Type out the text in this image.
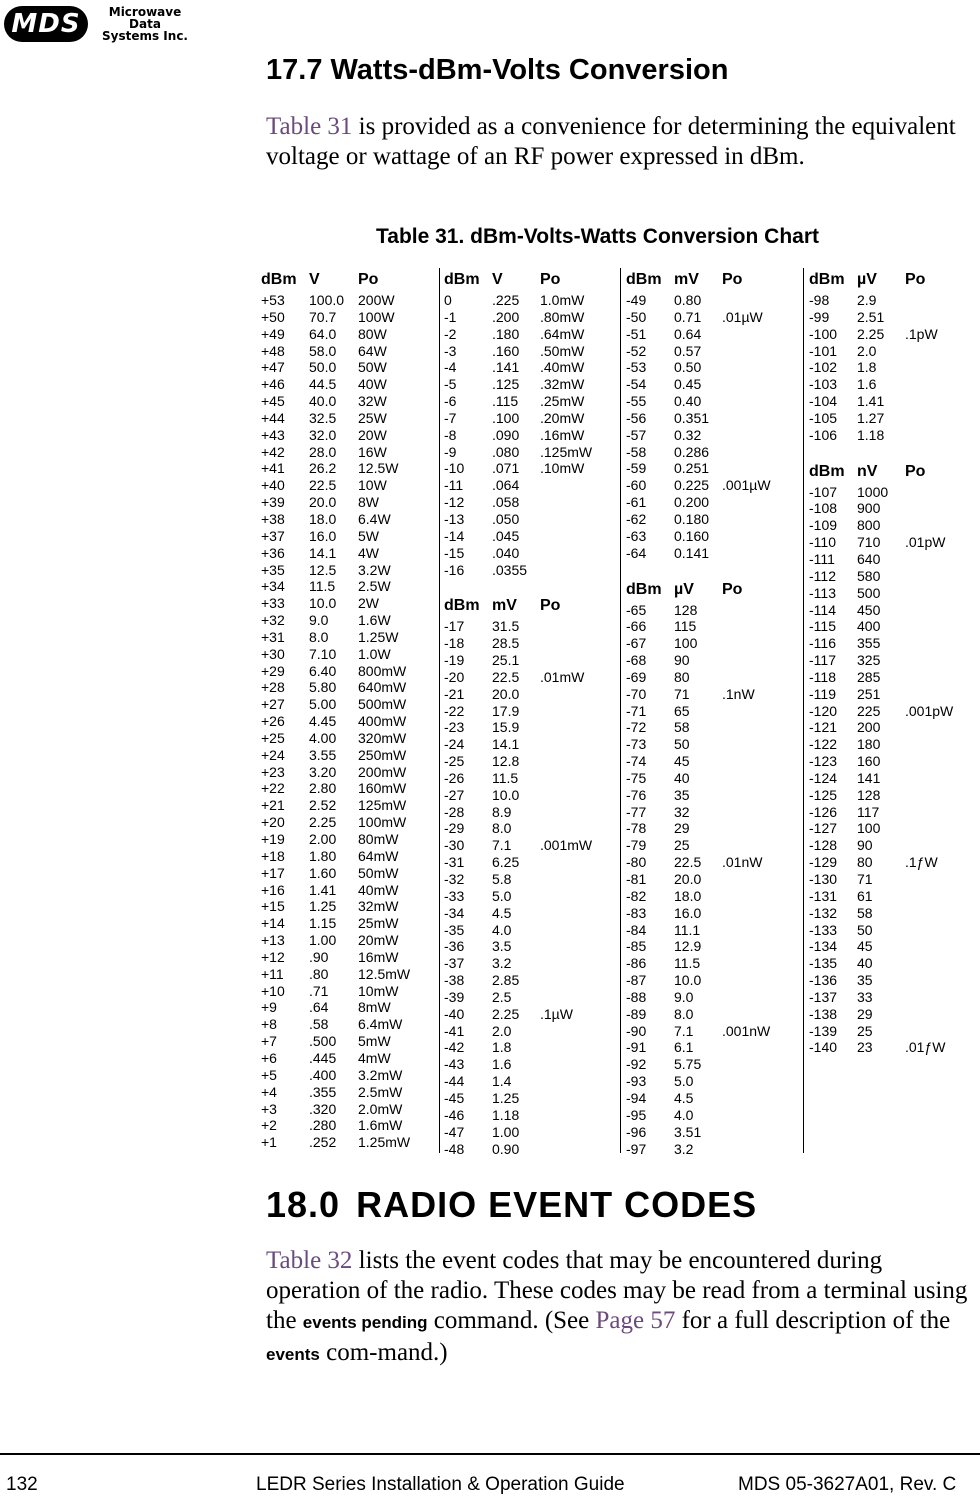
MDS	Microwave
Data
Systems Inc.
17.7 Watts-dBm-Volts Conversion

Table 31 is provided as a convenience for determining the equivalent voltage or wattage of an RF power expressed in dBm.

Table 31. dBm-Volts-Watts Conversion Chart
dBm V Po
+53 100.0 200W
+50 70.7 100W
+49 64.0 80W
+48 58.0 64W
+47 50.0 50W
+46 44.5 40W
+45 40.0 32W
+44 32.5 25W
+43 32.0 20W
+42 28.0 16W
+41 26.2 12.5W
+40 22.5 10W
+39 20.0 8W
+38 18.0 6.4W
+37 16.0 5W
+36 14.1 4W
+35 12.5 3.2W
+34 11.5 2.5W
+33 10.0 2W
+32 9.0 1.6W
+31 8.0 1.25W
+30 7.10 1.0W
+29 6.40 800mW
+28 5.80 640mW
+27 5.00 500mW
+26 4.45 400mW
+25 4.00 320mW
+24 3.55 250mW
+23 3.20 200mW
+22 2.80 160mW
+21 2.52 125mW
+20 2.25 100mW
+19 2.00 80mW
+18 1.80 64mW
+17 1.60 50mW
+16 1.41 40mW
+15 1.25 32mW
+14 1.15 25mW
+13 1.00 20mW
+12 .90 16mW
+11 .80 12.5mW
+10 .71 10mW
+9 .64 8mW
+8 .58 6.4mW
+7 .500 5mW
+6 .445 4mW
+5 .400 3.2mW
+4 .355 2.5mW
+3 .320 2.0mW
+2 .280 1.6mW
+1 .252 1.25mW
dBm V Po
0	.225 1.0mW
-1	.200 .80mW
-2	.180 .64mW
-3	.160 .50mW
-4	.141 .40mW
-5	.125 .32mW
-6	.115 .25mW
-7	.100 .20mW
-8	.090 .16mW
-9	.080 .125mW
-10 .071 .10mW
-11 .064
-12 .058
-13 .050
-14 .045
-15 .040
-16 .0355
dBm mV Po
-17 31.5
-18 28.5
-19 25.1
-20 22.5 .01mW
-21 20.0
-22 17.9
-23 15.9
-24 14.1
-25 12.8
-26 11.5
-27 10.0
-28 8.9
-29 8.0
-30 7.1 .001mW
-31 6.25
-32 5.8
-33 5.0
-34 4.5
-35 4.0
-36 3.5
-37 3.2
-38 2.85
-39 2.5
-40 2.25 .1µW
-41 2.0
-42 1.8
-43 1.6
-44 1.4
-45 1.25
-46 1.18
-47 1.00
-48 0.90
dBm mV Po
-49 0.80
-50 0.71 .01µW
-51 0.64
-52 0.57
-53 0.50
-54 0.45
-55 0.40
-56 0.351
-57 0.32
-58 0.286
-59 0.251
-60 0.225 .001µW
-61 0.200
-62 0.180
-63 0.160
-64 0.141
dBm µV Po
-65 128
-66 115
-67 100
-68 90
-69 80
-70 71 .1nW
-71 65
-72 58
-73 50
-74 45
-75 40
-76 35
-77 32
-78 29
-79 25
-80 22.5 .01nW
-81 20.0
-82 18.0
-83 16.0
-84 11.1
-85 12.9
-86 11.5
-87 10.0
-88 9.0
-89 8.0
-90 7.1 .001nW
-91 6.1
-92 5.75
-93 5.0
-94 4.5
-95 4.0
-96 3.51
-97 3.2
dBm µV Po
-98 2.9
-99 2.51
-100 2.25 .1pW
-101 2.0
-102 1.8
-103 1.6
-104 1.41
-105 1.27
-106 1.18
dBm nV Po
-107 1000
-108 900
-109 800
-110 710 .01pW
-111 640
-112 580
-113 500
-114 450
-115 400
-116 355
-117 325
-118 285
-119 251
-120 225 .001pW
-121 200
-122 180
-123 160
-124 141
-125 128
-126 117
-127 100
-128 90
-129 80 .1ƒW
-130 71
-131 61
-132 58
-133 50
-134 45
-135 40
-136 35
-137 33
-138 29
-139 25
-140 23 .01ƒW
18.0 RADIO EVENT CODES

Table 32 lists the event codes that may be encountered during operation of the radio. These codes may be read from a terminal using the events pending command. (See Page 57 for a full description of the events com-mand.)

132	LEDR Series Installation & Operation Guide	MDS 05-3627A01, Rev. C
